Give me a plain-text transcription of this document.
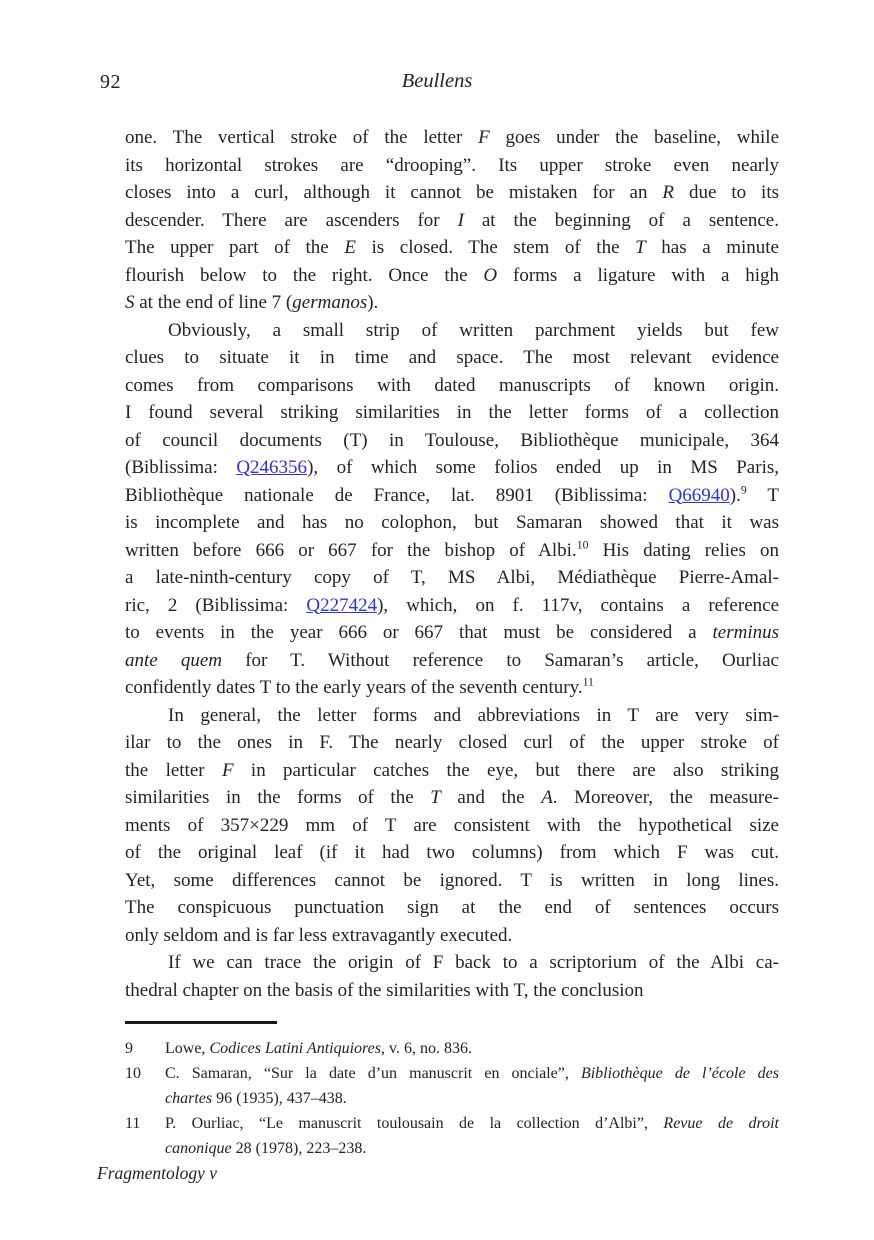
92	Beullens
one. The vertical stroke of the letter F goes under the baseline, while
its horizontal strokes are “drooping”. Its upper stroke even nearly
closes into a curl, although it cannot be mistaken for an R due to its
descender. There are ascenders for I at the beginning of a sentence.
The upper part of the E is closed. The stem of the T has a minute
flourish below to the right. Once the O forms a ligature with a high
S at the end of line 7 (germanos).
Obviously, a small strip of written parchment yields but few
clues to situate it in time and space. The most relevant evidence
comes from comparisons with dated manuscripts of known origin.
I found several striking similarities in the letter forms of a collection
of council documents (T) in Toulouse, Bibliothèque municipale, 364
(Biblissima: Q246356), of which some folios ended up in MS Paris,
Bibliothèque nationale de France, lat. 8901 (Biblissima: Q66940).$^9$ T
is incomplete and has no colophon, but Samaran showed that it was
written before 666 or 667 for the bishop of Albi.$^{10}$ His dating relies on
a late-ninth-century copy of T, MS Albi, Médiathèque Pierre-Amal-
ric, 2 (Biblissima: Q227424), which, on f. 117v, contains a reference
to events in the year 666 or 667 that must be considered a terminus
ante quem for T. Without reference to Samaran’s article, Ourliac
confidently dates T to the early years of the seventh century.$^{11}$
In general, the letter forms and abbreviations in T are very sim-
ilar to the ones in F. The nearly closed curl of the upper stroke of
the letter F in particular catches the eye, but there are also striking
similarities in the forms of the T and the A. Moreover, the measure-
ments of 357×229 mm of T are consistent with the hypothetical size
of the original leaf (if it had two columns) from which F was cut.
Yet, some differences cannot be ignored. T is written in long lines.
The conspicuous punctuation sign at the end of sentences occurs
only seldom and is far less extravagantly executed.
If we can trace the origin of F back to a scriptorium of the Albi ca-
thedral chapter on the basis of the similarities with T, the conclusion
9	Lowe, Codices Latini Antiquiores, v. 6, no. 836.
10	C. Samaran, “Sur la date d’un manuscrit en onciale”, Bibliothèque de l’école des
chartes 96 (1935), 437–438.
11	P. Ourliac, “Le manuscrit toulousain de la collection d’Albi”, Revue de droit
canonique 28 (1978), 223–238.
Fragmentology v
